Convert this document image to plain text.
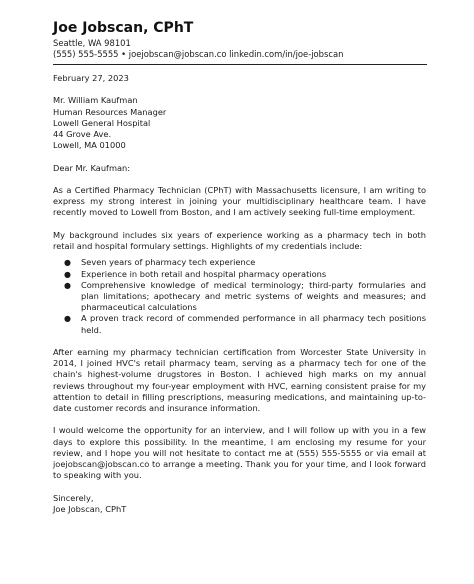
Joe Jobscan, CPhT
Seattle, WA 98101
(555) 555-5555 • joejobscan@jobscan.co linkedin.com/in/joe-jobscan

February 27, 2023

Mr. William Kaufman
Human Resources Manager
Lowell General Hospital
44 Grove Ave.
Lowell, MA 01000

Dear Mr. Kaufman:

As a Certified Pharmacy Technician (CPhT) with Massachusetts licensure, I am writing to express my strong interest in joining your multidisciplinary healthcare team. I have recently moved to Lowell from Boston, and I am actively seeking full-time employment.

My background includes six years of experience working as a pharmacy tech in both retail and hospital formulary settings. Highlights of my credentials include:

● Seven years of pharmacy tech experience
● Experience in both retail and hospital pharmacy operations
● Comprehensive knowledge of medical terminology; third-party formularies and plan limitations; apothecary and metric systems of weights and measures; and pharmaceutical calculations
● A proven track record of commended performance in all pharmacy tech positions held.

After earning my pharmacy technician certification from Worcester State University in 2014, I joined HVC's retail pharmacy team, serving as a pharmacy tech for one of the chain's highest-volume drugstores in Boston. I achieved high marks on my annual reviews throughout my four-year employment with HVC, earning consistent praise for my attention to detail in filling prescriptions, measuring medications, and maintaining up-to-date customer records and insurance information.

I would welcome the opportunity for an interview, and I will follow up with you in a few days to explore this possibility. In the meantime, I am enclosing my resume for your review, and I hope you will not hesitate to contact me at (555) 555-5555 or via email at joejobscan@jobscan.co to arrange a meeting. Thank you for your time, and I look forward to speaking with you.

Sincerely,
Joe Jobscan, CPhT
